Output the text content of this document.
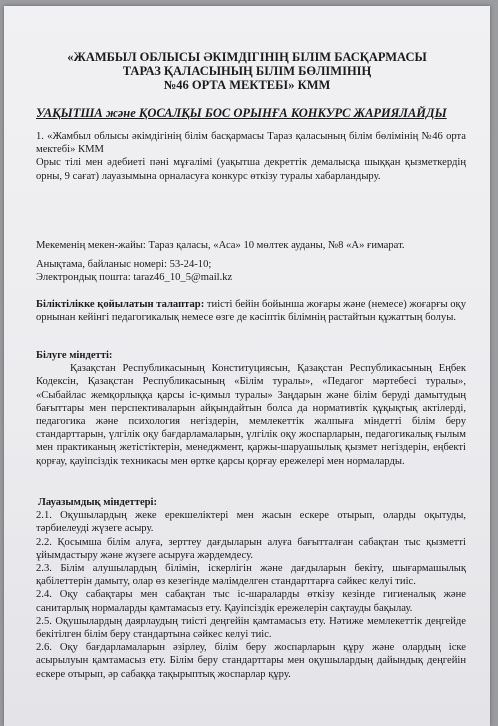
«ЖАМБЫЛ ОБЛЫСЫ ӘКІМДІГІНІҢ БІЛІМ БАСҚАРМАСЫ
ТАРАЗ ҚАЛАСЫНЫҢ БІЛІМ БӨЛІМІНІҢ
№46 ОРТА МЕКТЕБІ» КММ
УАҚЫТША және ҚОСАЛҚЫ БОС ОРЫНҒА КОНКУРС ЖАРИЯЛАЙДЫ
1. «Жамбыл облысы әкімдігінің білім басқармасы Тараз қаласының білім бөлімінің №46 орта мектебі» КММ
Орыс тілі мен әдебиеті пәні мұғалімі (уақытша декреттік демалысқа шыққан қызметкердің орны, 9 сағат) лауазымына орналасуға конкурс өткізу туралы хабарландыру.
Мекеменің мекен-жайы: Тараз қаласы, «Аса» 10 мөлтек ауданы, №8 «А» ғимарат.
Анықтама, байланыс номері: 53-24-10;
Электрондық пошта: taraz46_10_5@mail.kz
Біліктілікке қойылатын талаптар: тиісті бейін бойынша жоғары және (немесе) жоғарғы оқу орнынан кейінгі педагогикалық немесе өзге де кәсіптік білімнің растайтын құжаттың болуы.
Білуге міндетті:
Қазақстан Республикасының Конституциясын, Қазақстан Республикасының Еңбек Кодексін, Қазақстан Республикасының «Білім туралы», «Педагог мәртебесі туралы», «Сыбайлас жемқорлыққа қарсы іс-қимыл туралы» Заңдарын және білім беруді дамытудың бағыттары мен перспективаларын айқындайтын болса да нормативтік құқықтық актілерді, педагогика және психология негіздерін, мемлекеттік жалпыға міндетті білім беру стандарттарын, үлгілік оқу бағдарламаларын, үлгілік оқу жоспарларын, педагогикалық ғылым мен практиканың жетістіктерін, менеджмент, қаржы-шаруашылық қызмет негіздерін, еңбекті қорғау, қауіпсіздік техникасы мен өртке қарсы қорғау ережелері мен нормаларды.
Лауазымдық міндеттері:
2.1. Оқушылардың жеке ерекшеліктері мен жасын ескере отырып, оларды оқытуды, тәрбиелеуді жүзеге асыру.
2.2. Қосымша білім алуға, зерттеу дағдыларын алуға бағытталған сабақтан тыс қызметті ұйымдастыру және жүзеге асыруға жәрдемдесу.
2.3. Білім алушылардың білімін, іскерлігін және дағдыларын бекіту, шығармашылық қабілеттерін дамыту, олар өз кезегінде мәлімделген стандарттарға сәйкес келуі тиіс.
2.4. Оқу сабақтары мен сабақтан тыс іс-шараларды өткізу кезінде гигиеналық және санитарлық нормаларды қамтамасыз ету. Қауіпсіздік ережелерін сақтауды бақылау.
2.5. Оқушылардың даярлаудың тиісті деңгейін қамтамасыз ету. Нәтиже мемлекеттік деңгейде бекітілген білім беру стандартына сәйкес келуі тиіс.
2.6. Оқу бағдарламаларын әзірлеу, білім беру жоспарларын құру және олардың іске асырылуын қамтамасыз ету. Білім беру стандарттары мен оқушылардың дайындық деңгейін ескере отырып, әр сабаққа тақырыптық жоспарлар құру.
